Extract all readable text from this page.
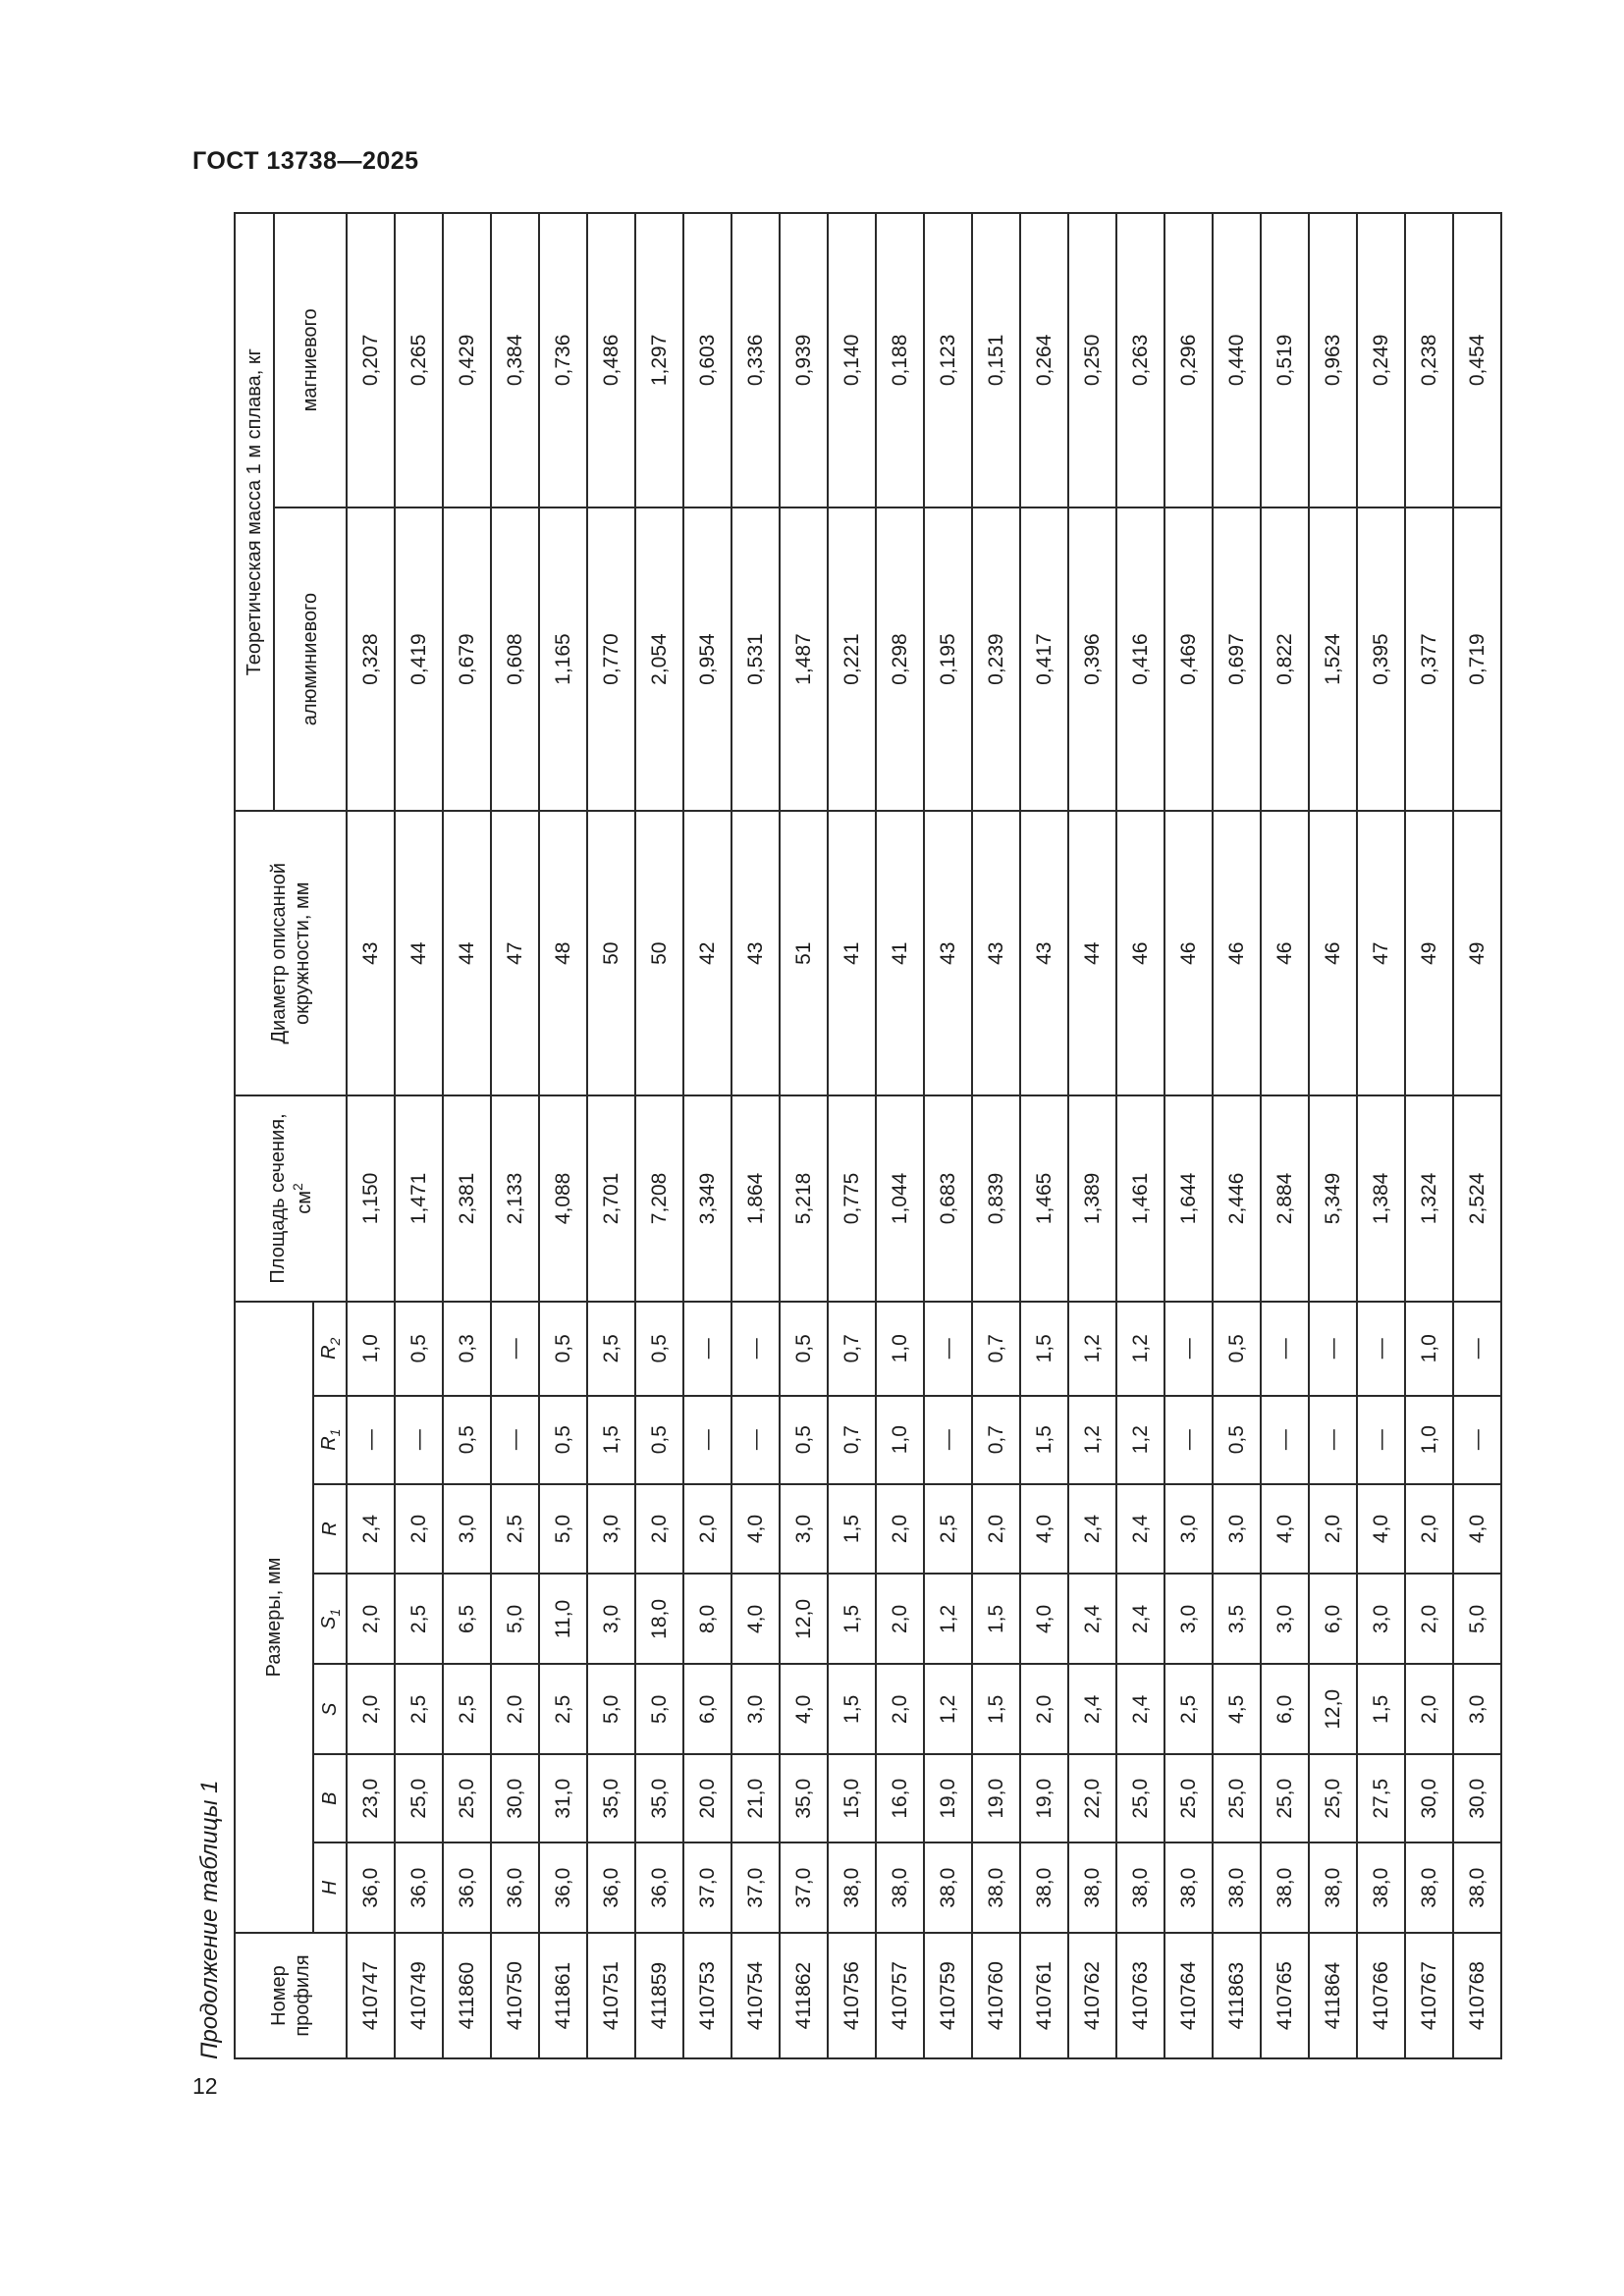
ГОСТ 13738—2025
12
Продолжение таблицы 1 Номер профиля	Размеры, мм							Площадь сечения, $см^2$	Диаметр описанной окружности, мм	Теоретическая масса 1 м сплава, кг	
										алюминиевого	магниевого
	H	B	S	$S_1$	R	$R_1$	$R_2$
410747	36,0	23,0	2,0	2,0	2,4	—	1,0	1,150	43	0,328	0,207
410749	36,0	25,0	2,5	2,5	2,0	—	0,5	1,471	44	0,419	0,265
411860	36,0	25,0	2,5	6,5	3,0	0,5	0,3	2,381	44	0,679	0,429
410750	36,0	30,0	2,0	5,0	2,5	—	—	2,133	47	0,608	0,384
411861	36,0	31,0	2,5	11,0	5,0	0,5	0,5	4,088	48	1,165	0,736
410751	36,0	35,0	5,0	3,0	3,0	1,5	2,5	2,701	50	0,770	0,486
411859	36,0	35,0	5,0	18,0	2,0	0,5	0,5	7,208	50	2,054	1,297
410753	37,0	20,0	6,0	8,0	2,0	—	—	3,349	42	0,954	0,603
410754	37,0	21,0	3,0	4,0	4,0	—	—	1,864	43	0,531	0,336
411862	37,0	35,0	4,0	12,0	3,0	0,5	0,5	5,218	51	1,487	0,939
410756	38,0	15,0	1,5	1,5	1,5	0,7	0,7	0,775	41	0,221	0,140
410757	38,0	16,0	2,0	2,0	2,0	1,0	1,0	1,044	41	0,298	0,188
410759	38,0	19,0	1,2	1,2	2,5	—	—	0,683	43	0,195	0,123
410760	38,0	19,0	1,5	1,5	2,0	0,7	0,7	0,839	43	0,239	0,151
410761	38,0	19,0	2,0	4,0	4,0	1,5	1,5	1,465	43	0,417	0,264
410762	38,0	22,0	2,4	2,4	2,4	1,2	1,2	1,389	44	0,396	0,250
410763	38,0	25,0	2,4	2,4	2,4	1,2	1,2	1,461	46	0,416	0,263
410764	38,0	25,0	2,5	3,0	3,0	—	—	1,644	46	0,469	0,296
411863	38,0	25,0	4,5	3,5	3,0	0,5	0,5	2,446	46	0,697	0,440
410765	38,0	25,0	6,0	3,0	4,0	—	—	2,884	46	0,822	0,519
411864	38,0	25,0	12,0	6,0	2,0	—	—	5,349	46	1,524	0,963
410766	38,0	27,5	1,5	3,0	4,0	—	—	1,384	47	0,395	0,249
410767	38,0	30,0	2,0	2,0	2,0	1,0	1,0	1,324	49	0,377	0,238
410768	38,0	30,0	3,0	5,0	4,0	—	—	2,524	49	0,719	0,454
